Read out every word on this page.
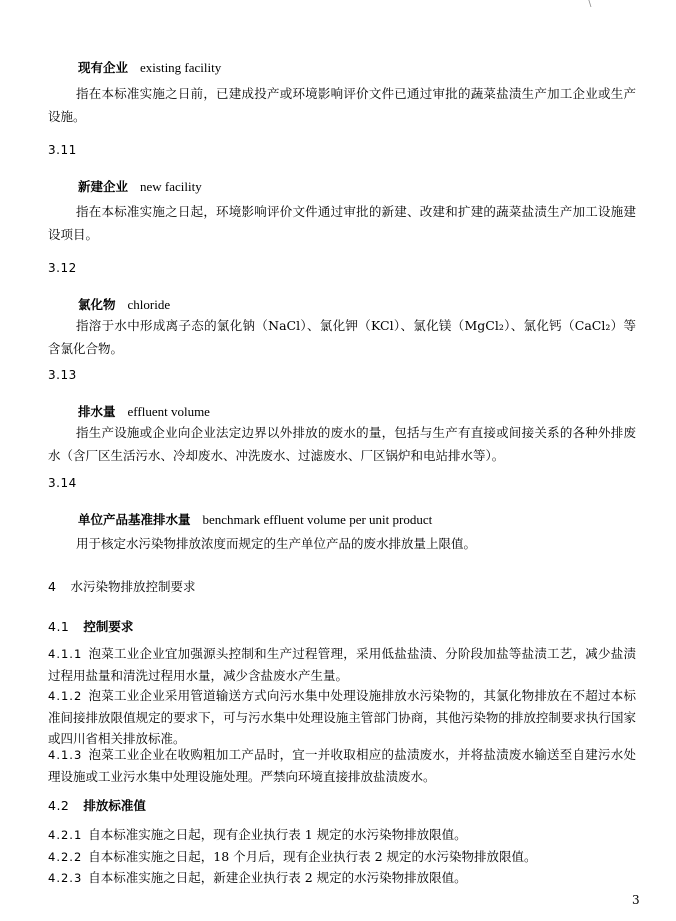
\
现有企业 existing facility
指在本标准实施之日前，已建成投产或环境影响评价文件已通过审批的蔬菜盐渍生产加工企业或生产设施。
3.11
新建企业 new facility
指在本标准实施之日起，环境影响评价文件通过审批的新建、改建和扩建的蔬菜盐渍生产加工设施建设项目。
3.12
氯化物 chloride
指溶于水中形成离子态的氯化钠（NaCl）、氯化钾（KCl）、氯化镁（MgCl₂）、氯化钙（CaCl₂）等含氯化合物。
3.13
排水量 effluent volume
指生产设施或企业向企业法定边界以外排放的废水的量，包括与生产有直接或间接关系的各种外排废水（含厂区生活污水、冷却废水、冲洗废水、过滤废水、厂区锅炉和电站排水等）。
3.14
单位产品基准排水量 benchmark effluent volume per unit product
用于核定水污染物排放浓度而规定的生产单位产品的废水排放量上限值。
4 水污染物排放控制要求
4.1 控制要求
4.1.1 泡菜工业企业宜加强源头控制和生产过程管理，采用低盐盐渍、分阶段加盐等盐渍工艺，减少盐渍过程用盐量和清洗过程用水量，减少含盐废水产生量。
4.1.2 泡菜工业企业采用管道输送方式向污水集中处理设施排放水污染物的，其氯化物排放在不超过本标准间接排放限值规定的要求下，可与污水集中处理设施主管部门协商，其他污染物的排放控制要求执行国家或四川省相关排放标准。
4.1.3 泡菜工业企业在收购粗加工产品时，宜一并收取相应的盐渍废水，并将盐渍废水输送至自建污水处理设施或工业污水集中处理设施处理。严禁向环境直接排放盐渍废水。
4.2 排放标准值
4.2.1 自本标准实施之日起，现有企业执行表 1 规定的水污染物排放限值。
4.2.2 自本标准实施之日起，18 个月后，现有企业执行表 2 规定的水污染物排放限值。
4.2.3 自本标准实施之日起，新建企业执行表 2 规定的水污染物排放限值。
3
